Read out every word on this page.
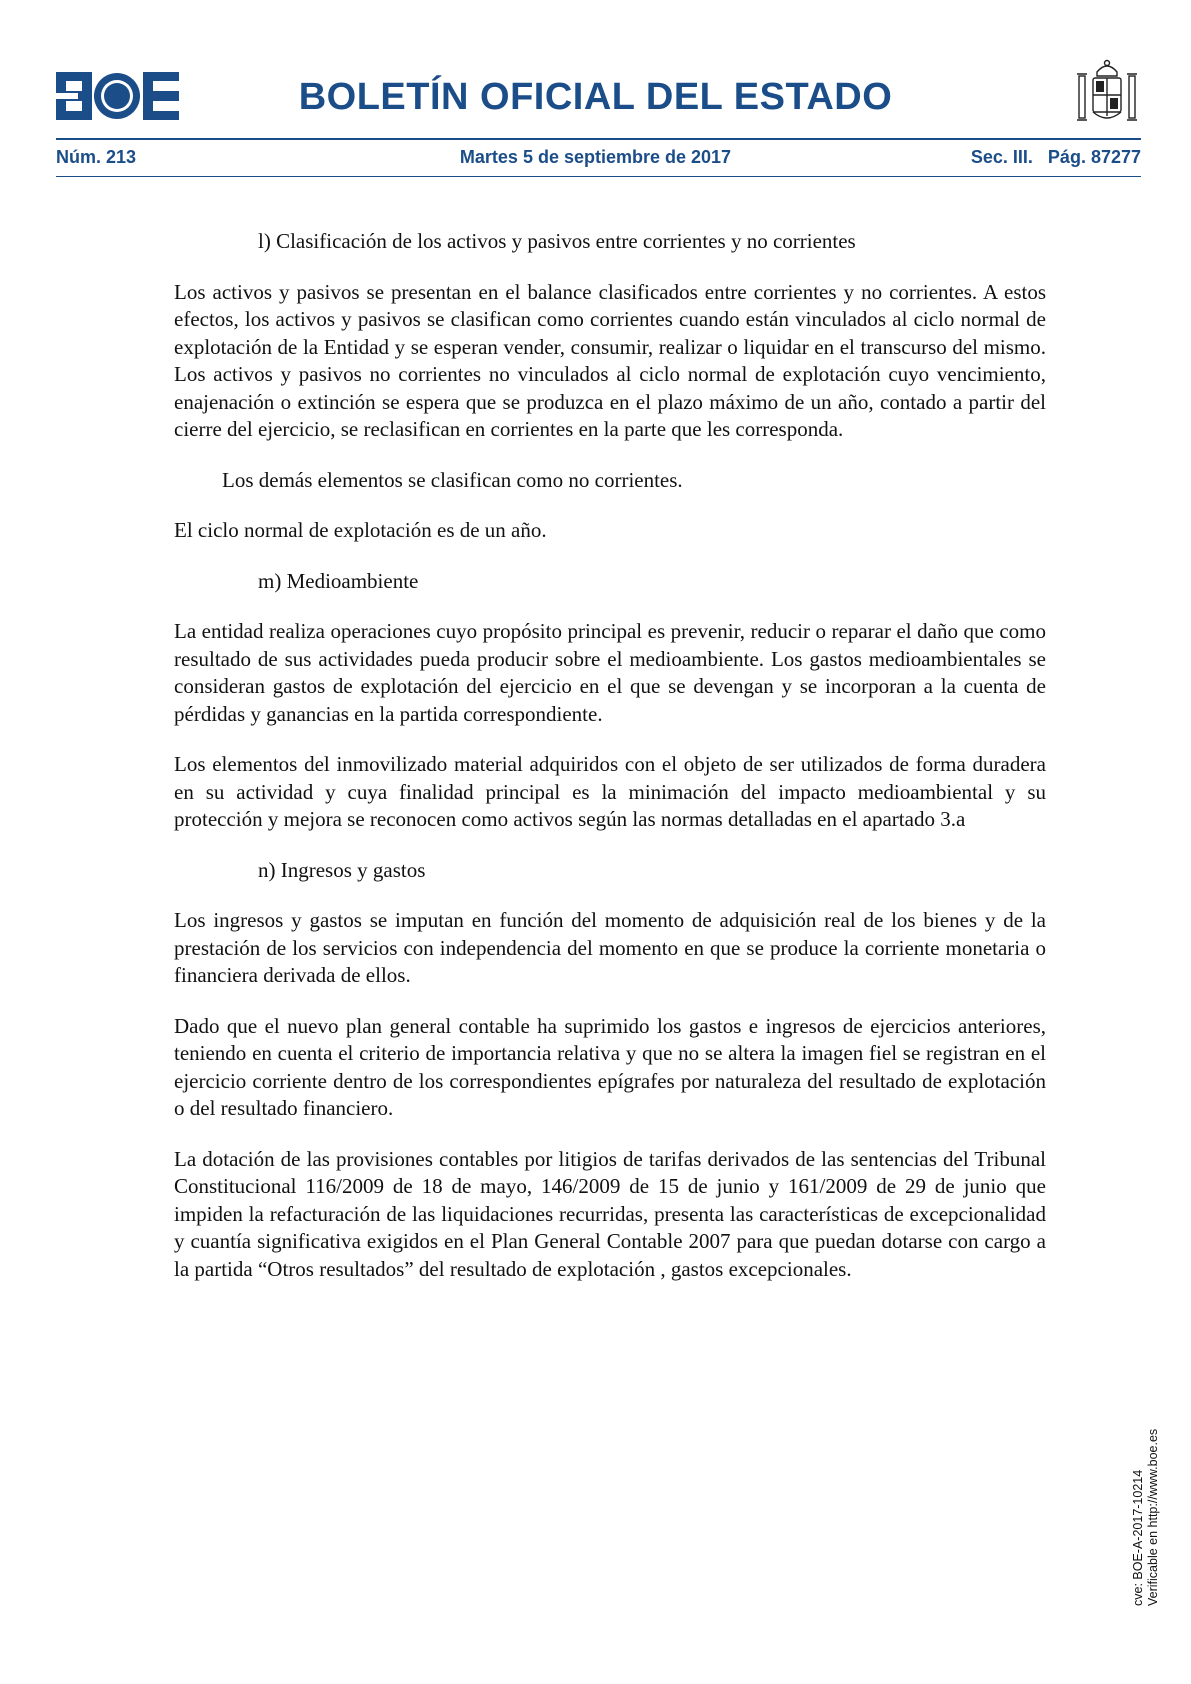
BOLETÍN OFICIAL DEL ESTADO
Núm. 213	Martes 5 de septiembre de 2017	Sec. III.   Pág. 87277

l) Clasificación de los activos y pasivos entre corrientes y no corrientes

Los activos y pasivos se presentan en el balance clasificados entre corrientes y no corrientes. A estos efectos, los activos y pasivos se clasifican como corrientes cuando están vinculados al ciclo normal de explotación de la Entidad y se esperan vender, consumir, realizar o liquidar en el transcurso del mismo. Los activos y pasivos no corrientes no vinculados al ciclo normal de explotación cuyo vencimiento, enajenación o extinción se espera que se produzca en el plazo máximo de un año, contado a partir del cierre del ejercicio, se reclasifican en corrientes en la parte que les corresponda.

Los demás elementos se clasifican como no corrientes.

El ciclo normal de explotación es de un año.

m) Medioambiente

La entidad realiza operaciones cuyo propósito principal es prevenir, reducir o reparar el daño que como resultado de sus actividades pueda producir sobre el medioambiente. Los gastos medioambientales se consideran gastos de explotación del ejercicio en el que se devengan y se incorporan a la cuenta de pérdidas y ganancias en la partida correspondiente.

Los elementos del inmovilizado material adquiridos con el objeto de ser utilizados de forma duradera en su actividad y cuya finalidad principal es la minimación del impacto medioambiental y su protección y mejora se reconocen como activos según las normas detalladas en el apartado 3.a

n) Ingresos y gastos

Los ingresos y gastos se imputan en función del momento de adquisición real de los bienes y de la prestación de los servicios con independencia del momento en que se produce la corriente monetaria o financiera derivada de ellos.

Dado que el nuevo plan general contable ha suprimido los gastos e ingresos de ejercicios anteriores, teniendo en cuenta el criterio de importancia relativa y que no se altera la imagen fiel se registran en el ejercicio corriente dentro de los correspondientes epígrafes por naturaleza del resultado de explotación o del resultado financiero.

La dotación de las provisiones contables por litigios de tarifas derivados de las sentencias del Tribunal Constitucional 116/2009 de 18 de mayo, 146/2009 de 15 de junio y 161/2009 de 29 de junio que impiden la refacturación de las liquidaciones recurridas, presenta las características de excepcionalidad y cuantía significativa exigidos en el Plan General Contable 2007 para que puedan dotarse con cargo a la partida “Otros resultados” del resultado de explotación , gastos excepcionales.

cve: BOE-A-2017-10214 Verificable en http://www.boe.es
